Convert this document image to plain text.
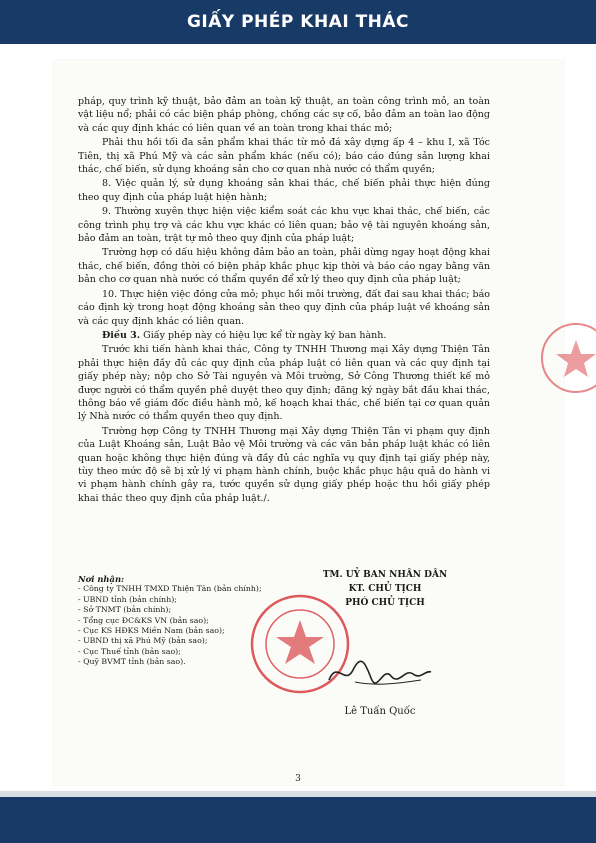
GIẤY PHÉP KHAI THÁC

pháp, quy trình kỹ thuật, bảo đảm an toàn kỹ thuật, an toàn công trình mỏ, an toàn vật liệu nổ; phải có các biện pháp phòng, chống các sự cố, bảo đảm an toàn lao động và các quy định khác có liên quan về an toàn trong khai thác mỏ;

Phải thu hồi tối đa sản phẩm khai thác từ mỏ đá xây dựng ấp 4 – khu I, xã Tóc Tiên, thị xã Phú Mỹ và các sản phẩm khác (nếu có); báo cáo đúng sản lượng khai thác, chế biến, sử dụng khoáng sản cho cơ quan nhà nước có thẩm quyền;

8. Việc quản lý, sử dụng khoáng sản khai thác, chế biến phải thực hiện đúng theo quy định của pháp luật hiện hành;

9. Thường xuyên thực hiện việc kiểm soát các khu vực khai thác, chế biến, các công trình phụ trợ và các khu vực khác có liên quan; bảo vệ tài nguyên khoáng sản, bảo đảm an toàn, trật tự mỏ theo quy định của pháp luật;

Trường hợp có dấu hiệu không đảm bảo an toàn, phải dừng ngay hoạt động khai thác, chế biến, đồng thời có biện pháp khắc phục kịp thời và báo cáo ngay bằng văn bản cho cơ quan nhà nước có thẩm quyền để xử lý theo quy định của pháp luật;

10. Thực hiện việc đóng cửa mỏ; phục hồi môi trường, đất đai sau khai thác; báo cáo định kỳ trong hoạt động khoáng sản theo quy định của pháp luật về khoáng sản và các quy định khác có liên quan.

Điều 3. Giấy phép này có hiệu lực kể từ ngày ký ban hành.

Trước khi tiến hành khai thác, Công ty TNHH Thương mại Xây dựng Thiện Tân phải thực hiện đầy đủ các quy định của pháp luật có liên quan và các quy định tại giấy phép này; nộp cho Sở Tài nguyên và Môi trường, Sở Công Thương thiết kế mỏ được người có thẩm quyền phê duyệt theo quy định; đăng ký ngày bắt đầu khai thác, thông báo về giám đốc điều hành mỏ, kế hoạch khai thác, chế biến tại cơ quan quản lý Nhà nước có thẩm quyền theo quy định.

Trường hợp Công ty TNHH Thương mại Xây dựng Thiện Tân vi phạm quy định của Luật Khoáng sản, Luật Bảo vệ Môi trường và các văn bản pháp luật khác có liên quan hoặc không thực hiện đúng và đầy đủ các nghĩa vụ quy định tại giấy phép này, tùy theo mức độ sẽ bị xử lý vi phạm hành chính, buộc khắc phục hậu quả do hành vi vi phạm hành chính gây ra, tước quyền sử dụng giấy phép hoặc thu hồi giấy phép khai thác theo quy định của pháp luật./.

Nơi nhận:
- Công ty TNHH TMXD Thiện Tân (bản chính);
- UBND tỉnh (bản chính);
- Sở TNMT (bản chính);
- Tổng cục ĐC&KS VN (bản sao);
- Cục KS HĐKS Miền Nam (bản sao);
- UBND thị xã Phú Mỹ (bản sao);
- Cục Thuế tỉnh (bản sao);
- Quỹ BVMT tỉnh (bản sao).
TM. UỶ BAN NHÂN DÂN
KT. CHỦ TỊCH
PHÓ CHỦ TỊCH
Lê Tuấn Quốc
3
